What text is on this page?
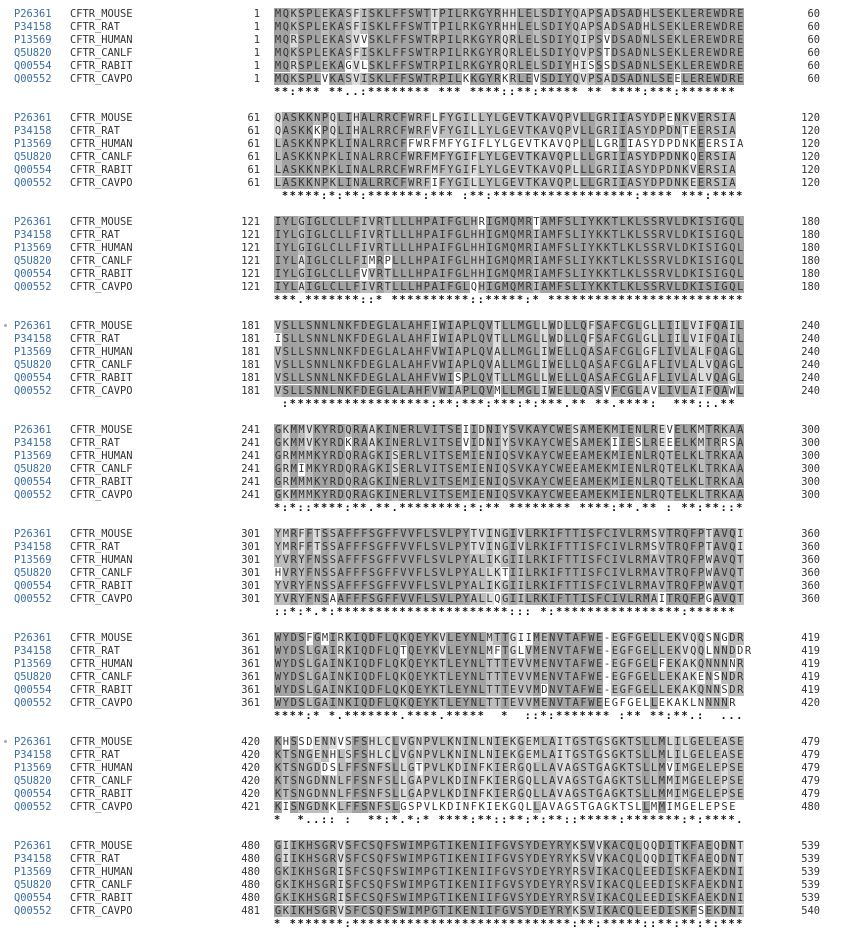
P26361 CFTR_MOUSE	1 M Q K S P L E K A S F I S K L F F S W T T P I L R K G Y R H H L E L S D I Y Q A P S A D S A D H L S E K L E R E W D R E	60
P34158 CFTR_RAT	1 M Q K S P L E K A S F I S K L F F S W T T P I L R K G Y R H H L E L S D I Y Q A P S A D S A D H L S E K L E R E W D R E	60
P13569 CFTR_HUMAN	1 M Q R S P L E K A S V V S K L F F S W T R P I L R K G Y R Q R L E L S D I Y Q I P S V D S A D N L S E K L E R E W D R E	60
Q5U820 CFTR_CANLF	1 M Q K S P L E K A S F I S K L F F S W T R P I L R K G Y R Q R L E L S D I Y Q V P S T D S A D N L S E K L E R E W D R E	60
Q00554 CFTR_RABIT	1 M Q R S P L E K A G V L S K L F F S W T R P I L R K G Y R Q R L E L S D I Y H I S S S D S A D N L S E K L E R E W D R E	60
Q00552 CFTR_CAVPO	1 M Q K S P L V K A S V I S K L F F S W T R P I L K K G Y R K R L E V S D I Y Q V P S A D S A D N L S E E L E R E W D R E	60
* * : * * * * * . . : * * * * * * * * * * * * * * * : : * * : * * * * * * * * * * * : * * * : * * * * * * *
P26361 CFTR_MOUSE	61 Q A S K K N P Q L I H A L R R C F W R F L F Y G I L L Y L G E V T K A V Q P V L L G R I I A S Y D P E N K V E R S I A	120
P34158 CFTR_RAT	61 Q A S K K K P Q L I H A L R R C F W R F V F Y G I L L Y L G E V T K A V Q P V L L G R I I A S Y D P D N T E E R S I A	120
P13569 CFTR_HUMAN	61 L A S K K N P K L I N A L R R C F F W R F M F Y G I F L Y L G E V T K A V Q P L L L G R I I A S Y D P D N K E E R S I A	120
Q5U820 CFTR_CANLF	61 L A S K K N P K L I N A L R R C F W R F M F Y G I F L Y L G E V T K A V Q P L L L G R I I A S Y D P D N K Q E R S I A	120
Q00554 CFTR_RABIT	61 L A S K K N P K L I N A L R R C F W R F M F Y G I F L Y L G E V T K A V Q P L L L G R I I A S Y D P D N K V E R S I A	120
Q00552 CFTR_CAVPO	61 L A S K K N P K L I N A L R R C F W R F I F Y G I L L Y L G E V T K A V Q P L L L G R I I A S Y D P D N K E E R S I A	120
* * * * * : * : * * : * * * * * * * : * * * : * * : * * * * * * * * * * * * * * * * * * : * * * * * * * : * * * *
P26361 CFTR_MOUSE	121 I Y L G I G L C L L F I V R T L L L H P A I F G L H R I G M Q M R T A M F S L I Y K K T L K L S S R V L D K I S I G Q L	180
P34158 CFTR_RAT	121 I Y L G I G L C L L F I V R T L L L H P A I F G L H H I G M Q M R I A M F S L I Y K K T L K L S S R V L D K I S I G Q L	180
P13569 CFTR_HUMAN	121 I Y L G I G L C L L F I V R T L L L H P A I F G L H H I G M Q M R I A M F S L I Y K K T L K L S S R V L D K I S I G Q L	180
Q5U820 CFTR_CANLF	121 I Y L A I G L C L L F I M R P L L L H P A I F G L H H I G M Q M R I A M F S L I Y K K T L K L S S R V L D K I S I G Q L	180
Q00554 CFTR_RABIT	121 I Y L G I G L C L L F V V R T L L L H P A I F G L H H I G M Q M R I A M F S L I Y K K T L K L S S R V L D K I S I G Q L	180
Q00552 CFTR_CAVPO	121 I Y L A I G L C L L F I V R T L L L H P A I F G L Q H I G M Q M R I A M F S L I Y K K T L K L S S R V L D K I S I G Q L	180
* * * . * * * * * * * : : * * * * * * * * * * * : : * * * * * : * * * * * * * * * * * * * * * * * * * * * * * * * *
P26361 CFTR_MOUSE	181 V S L L S N N L N K F D E G L A L A H F I W I A P L Q V T L L M G L L W D L L Q F S A F C G L G L L I I L V I F Q A I L	240
P34158 CFTR_RAT	181 I S L L S N N L N K F D E G L A L A H F I W I A P L Q V T L L M G L L W D L L Q F S A F C G L G L L I I L V I F Q A I L	240
P13569 CFTR_HUMAN	181 V S L L S N N L N K F D E G L A L A H F V W I A P L Q V A L L M G L I W E L L Q A S A F C G L G F L I V L A L F Q A G L	240
Q5U820 CFTR_CANLF	181 V S L L S N N L N K F D E G L A L A H F V W I A P L Q V A L L M G L I W E L L Q A S A F C G L A F L I V L A L V Q A G L	240
Q00554 CFTR_RABIT	181 V S L L S N N L N K F D E G L A L A H F V W I S P L Q V T L L M G L L W E L L Q A S A F C G L A F L I V L A L V Q A G L	240
Q00552 CFTR_CAVPO	181 V S L L S N N L N K F D E G L A L A H F V W I A P L Q V M L L M G L I W E L L Q A S V F C G L A V L I V L A I F Q A W L	240
: * * * * * * * * * * * * * * * * * * : * * : * * * : * * * : * : * * * . * * * * . * * * * : * * * : : . * *
P26361 CFTR_MOUSE	241 G K M M V K Y R D Q R A A K I N E R L V I T S E I I D N I Y S V K A Y C W E S A M E K M I E N L R E V E L K M T R K A A	300
P34158 CFTR_RAT	241 G K M M V K Y R D K R A A K I N E R L V I T S E V I D N I Y S V K A Y C W E S A M E K I I E S L R E E E L K M T R R S A	300
P13569 CFTR_HUMAN	241 G R M M M K Y R D Q R A G K I S E R L V I T S E M I E N I Q S V K A Y C W E E A M E K M I E N L R Q T E L K L T R K A A	300
Q5U820 CFTR_CANLF	241 G R M I M K Y R D Q R A G K I S E R L V I T S E M I E N I Q S V K A Y C W E E A M E K M I E N L R Q T E L K L T R K A A	300
Q00554 CFTR_RABIT	241 G R M M M K Y R D Q R A G K I N E R L V I T S E M I E N I Q S V K A Y C W E E A M E K M I E N L R Q T E L K L T R K A A	300
Q00552 CFTR_CAVPO	241 G K M M M K Y R D Q R A G K I N E R L V I T S E M I E N I Q S V K A Y C W E E A M E K M I E N L R Q T E L K L T R K A A	300
* : * : : * * * * : * * . * * . * * * * * * * * : * : * * * * * * * * * * * * * * : * * . * * : * * : * * : : *
P26361 CFTR_MOUSE	301 Y M R F F T S S A F F F S G F F V V F L S V L P Y T V I N G I V L R K I F T T I S F C I V L R M S V T R Q F P T A V Q I	360
P34158 CFTR_RAT	301 Y M R F F T S S A F F F S G F F V V F L S V L P Y T V I N G I V L R K I F T T I S F C I V L R M S V T R Q F P T A V Q I	360
P13569 CFTR_HUMAN	301 Y V R Y F N S S A F F F S G F F V V F L S V L P Y A L I K G I I L R K I F T T I S F C I V L R M A V T R Q F P W A V Q T	360
Q5U820 CFTR_CANLF	301 H V R Y F N S S A F F F S G F F V V F L S V L P Y A L L K T I I L R K I F T T I S F C I V L R M A V T R Q F P W A V Q T	360
Q00554 CFTR_RABIT	301 Y V R Y F N S S A F F F S G F F V V F L S V L P Y A L I K G I I L R K I F T T I S F C I V L R M A V T R Q F P W A V Q T	360
Q00552 CFTR_CAVPO	301 Y V R Y F N S A A F F F S G F F V V F L S V L P Y A L L Q G I I L R K I F T T I S F C I V L R M A I T R Q F P G A V Q T	360
: : * : * . * : * * * * * * * * * * * * * * * * * * * * * * : : : * : * * * * * * * * * * * * * * * * : * * * * * *
P26361 CFTR_MOUSE	361 W Y D S F G M I R K I Q D F L Q K Q E Y K V L E Y N L M T T G I I M E N V T A F W E - E G F G E L L E K V Q Q S N G D R	419
P34158 CFTR_RAT	361 W Y D S L G A I R K I Q D F L Q T Q E Y K V L E Y N L M F T G L V M E N V T A F W E - E G F G E L L E K V Q Q L N N D D R	419
P13569 CFTR_HUMAN	361 W Y D S L G A I N K I Q D F L Q K Q E Y K T L E Y N L T T T E V V M E N V T A F W E - E G F G E L F E K A K Q N N N N R	419
Q5U820 CFTR_CANLF	361 W Y D S L G A I N K I Q D F L Q K Q E Y K T L E Y N L T T T E V V M E N V T A F W E - E G F G E L L E K A K E N S N D R	419
Q00554 CFTR_RABIT	361 W Y D S L G A I N K I Q D F L Q K Q E Y K T L E Y N L T T T E V V M D N V T A F W E - E G F G E L L E K A K Q N N S D R	419
Q00552 CFTR_CAVPO	361 W Y D S L G A I N K I Q D F L Q K Q E Y K T L E Y N L T T T E V V M E N V T A F W E E G F G E L L E K A K L N N N N R	420
* * * * : * * . * * * * * * * . * * * * . * * * * * * : : * : * * * * * * * : * * * * : * * . : . . .
P26361 CFTR_MOUSE	420 K H S S D E N N V S F S H L C L V G N P V L K N I N L N I E K G E M L A I T G S T G S G K T S L L M L I L G E L E A S E	479
P34158 CFTR_RAT	420 K T S N G E N H L S F S H L C L V G N P V L K N I N L N I E K G E M L A I T G S T G S G K T S L L M L I L G E L E A S E	479
P13569 CFTR_HUMAN	420 K T S N G D D S L F F S N F S L L G T P V L K D I N F K I E R G Q L L A V A G S T G A G K T S L L M V I M G E L E P S E	479
Q5U820 CFTR_CANLF	420 K T S N G D N N L F F S N F S L L G A P V L K D I N F K I E R G Q L L A V A G S T G A G K T S L L M M I M G E L E P S E	479
Q00554 CFTR_RABIT	420 K T S N G D N N L F F S N F S L L G A P V L K D I N F K I E R G Q L L A V A G S T G A G K T S L L M M I M G E L E P S E	479
Q00552 CFTR_CAVPO	421 K I S N G D N K L F F S N F S L G S P V L K D I N F K I E K G Q L L A V A G S T G A G K T S L L M M I M G E L E P S E	480
* * . . : : : * * : * . * : * * * * * : * * : : * * : * : * * : : * * * * * : * * * * * * * : * : * * * * .
P26361 CFTR_MOUSE	480 G I I K H S G R V S F C S Q F S W I M P G T I K E N I I F G V S Y D E Y R Y K S V V K A C Q L Q Q D I T K F A E Q D N T	539
P34158 CFTR_RAT	480 G I I K H S G R V S F C S Q F S W I M P G T I K E N I I F G V S Y D E Y R Y K S V V K A C Q L Q Q D I T K F A E Q D N T	539
P13569 CFTR_HUMAN	480 G K I K H S G R I S F C S Q F S W I M P G T I K E N I I F G V S Y D E Y R Y R S V I K A C Q L E E D I S K F A E K D N I	539
Q5U820 CFTR_CANLF	480 G K I K H S G R I S F C S Q F S W I M P G T I K E N I I F G V S Y D E Y R Y R S V I K A C Q L E E D I S K F A E K D N I	539
Q00554 CFTR_RABIT	480 G K I K H S G R I S F C S Q F S W I M P G T I K E N I I F G V S Y D E Y R Y R S V I K A C Q L E E D I S K F A E K D N I	539
Q00552 CFTR_CAVPO	481 G K I K H S G R V S F C S Q F S W I M P G T I K E N I I F G V S Y D E Y R Y K S V I K A C Q L E E D I S K F S E K D N I	540
* * * * * * * * : * * * * * * * * * * * * * * * * * * * * * * * * * * * * : * * : * * * * * : : * * : * * : * : * * *
